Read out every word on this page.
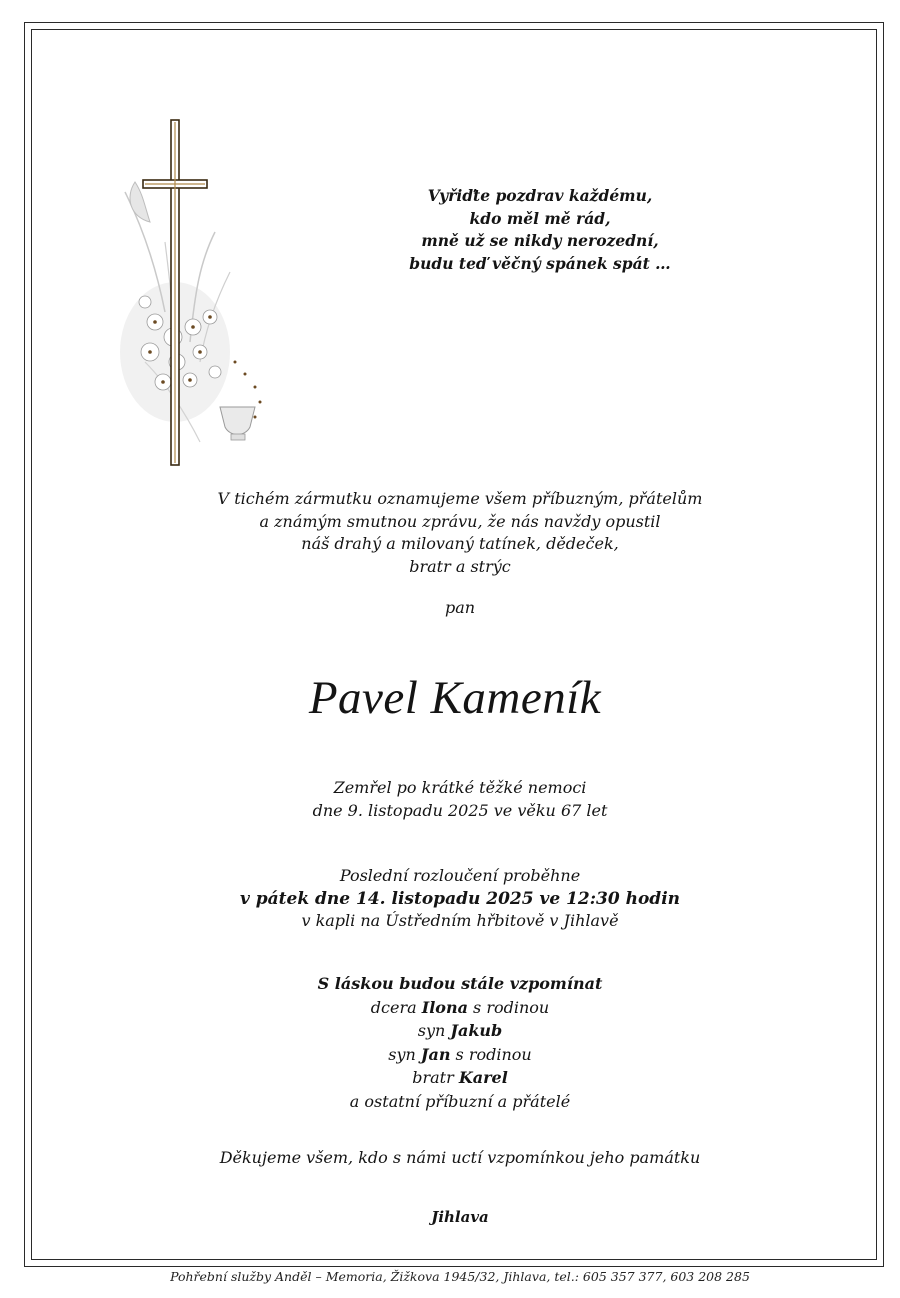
Vyřiďte pozdrav každému,
kdo měl mě rád,
mně už se nikdy nerozední,
budu teď věčný spánek spát …
V tichém zármutku oznamujeme všem příbuzným, přátelům
a známým smutnou zprávu, že nás navždy opustil
náš drahý a milovaný tatínek, dědeček,
bratr a strýc
pan
Pavel Kameník
Zemřel po krátké těžké nemoci
dne 9. listopadu 2025 ve věku 67 let
Poslední rozloučení proběhne
v pátek dne 14. listopadu 2025 ve 12:30 hodin
v kapli na Ústředním hřbitově v Jihlavě
S láskou budou stále vzpomínat
dcera Ilona s rodinou
syn Jakub
syn Jan s rodinou
bratr Karel
a ostatní příbuzní a přátelé
Děkujeme všem, kdo s námi uctí vzpomínkou jeho památku
Jihlava
Pohřební služby Anděl – Memoria, Žižkova 1945/32, Jihlava, tel.: 605 357 377, 603 208 285
